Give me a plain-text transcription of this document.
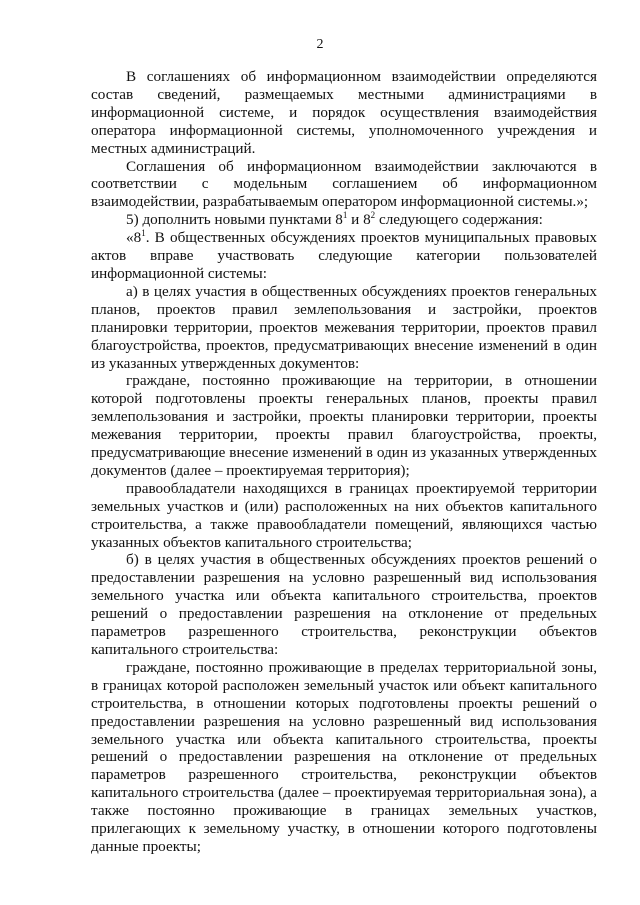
2

В соглашениях об информационном взаимодействии определяются состав сведений, размещаемых местными администрациями в информационной системе, и порядок осуществления взаимодействия оператора информационной системы, уполномоченного учреждения и местных администраций.

Соглашения об информационном взаимодействии заключаются в соответствии с модельным соглашением об информационном взаимодействии, разрабатываемым оператором информационной системы.»;

5) дополнить новыми пунктами $8^1$ и $8^2$ следующего содержания:

«$8^1$. В общественных обсуждениях проектов муниципальных правовых актов вправе участвовать следующие категории пользователей информационной системы:

а) в целях участия в общественных обсуждениях проектов генеральных планов, проектов правил землепользования и застройки, проектов планировки территории, проектов межевания территории, проектов правил благоустройства, проектов, предусматривающих внесение изменений в один из указанных утвержденных документов:

граждане, постоянно проживающие на территории, в отношении которой подготовлены проекты генеральных планов, проекты правил землепользования и застройки, проекты планировки территории, проекты межевания территории, проекты правил благоустройства, проекты, предусматривающие внесение изменений в один из указанных утвержденных документов (далее – проектируемая территория);

правообладатели находящихся в границах проектируемой территории земельных участков и (или) расположенных на них объектов капитального строительства, а также правообладатели помещений, являющихся частью указанных объектов капитального строительства;

б) в целях участия в общественных обсуждениях проектов решений о предоставлении разрешения на условно разрешенный вид использования земельного участка или объекта капитального строительства, проектов решений о предоставлении разрешения на отклонение от предельных параметров разрешенного строительства, реконструкции объектов капитального строительства:

граждане, постоянно проживающие в пределах территориальной зоны, в границах которой расположен земельный участок или объект капитального строительства, в отношении которых подготовлены проекты решений о предоставлении разрешения на условно разрешенный вид использования земельного участка или объекта капитального строительства, проекты решений о предоставлении разрешения на отклонение от предельных параметров разрешенного строительства, реконструкции объектов капитального строительства (далее – проектируемая территориальная зона), а также постоянно проживающие в границах земельных участков, прилегающих к земельному участку, в отношении которого подготовлены данные проекты;
